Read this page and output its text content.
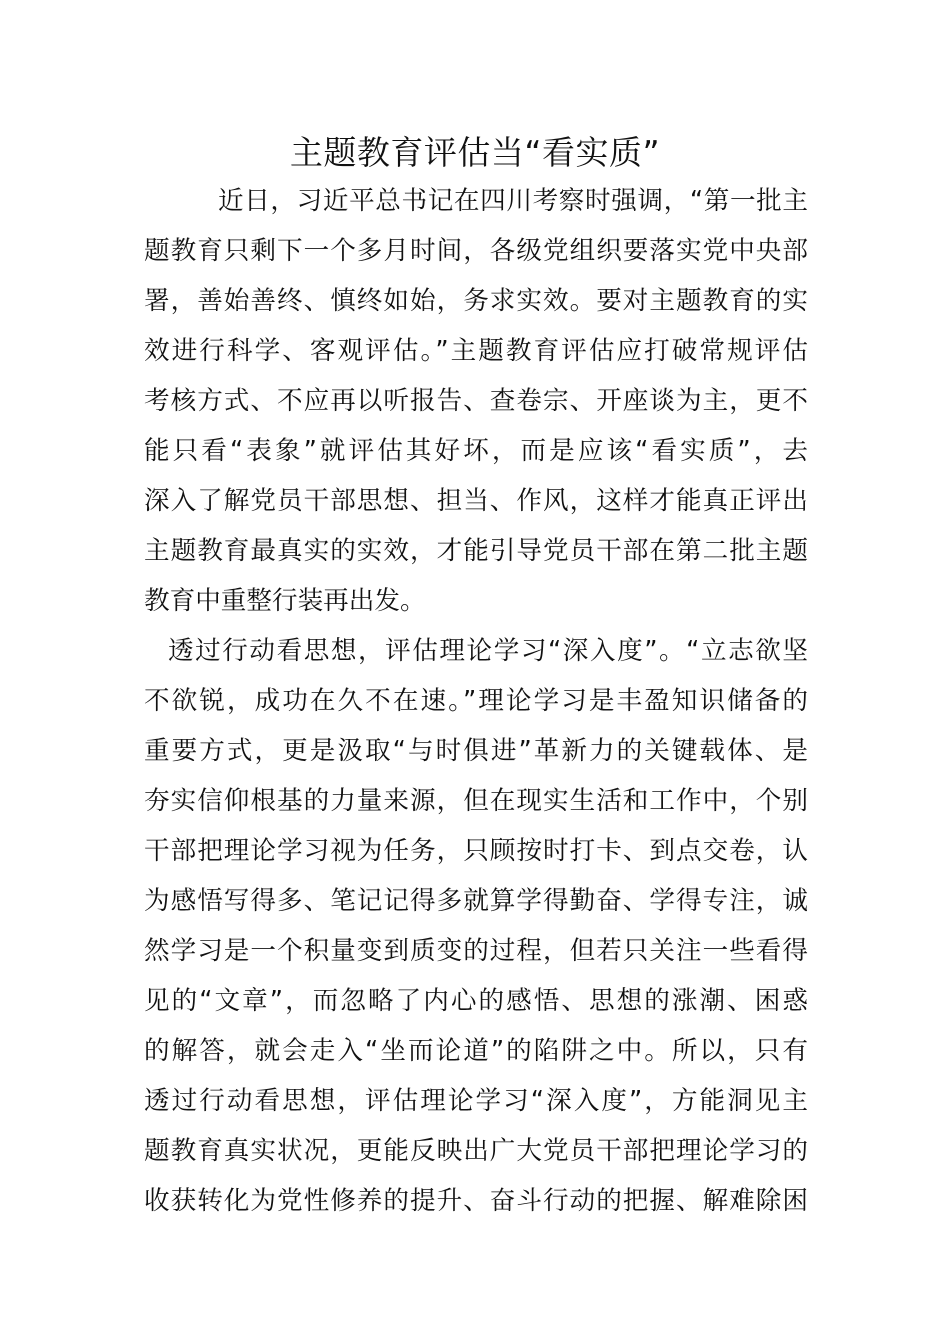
主题教育评估当“看实质”
近日，习近平总书记在四川考察时强调，“第一批主
题教育只剩下一个多月时间，各级党组织要落实党中央部
署，善始善终、慎终如始，务求实效。要对主题教育的实
效进行科学、客观评估。”主题教育评估应打破常规评估
考核方式、不应再以听报告、查卷宗、开座谈为主，更不
能只看“表象”就评估其好坏，而是应该“看实质”，去
深入了解党员干部思想、担当、作风，这样才能真正评出
主题教育最真实的实效，才能引导党员干部在第二批主题
教育中重整行装再出发。
透过行动看思想，评估理论学习“深入度”。“立志欲坚
不欲锐，成功在久不在速。”理论学习是丰盈知识储备的
重要方式，更是汲取“与时俱进”革新力的关键载体、是
夯实信仰根基的力量来源，但在现实生活和工作中，个别
干部把理论学习视为任务，只顾按时打卡、到点交卷，认
为感悟写得多、笔记记得多就算学得勤奋、学得专注，诚
然学习是一个积量变到质变的过程，但若只关注一些看得
见的“文章”，而忽略了内心的感悟、思想的涨潮、困惑
的解答，就会走入“坐而论道”的陷阱之中。所以，只有
透过行动看思想，评估理论学习“深入度”，方能洞见主
题教育真实状况，更能反映出广大党员干部把理论学习的
收获转化为党性修养的提升、奋斗行动的把握、解难除困
